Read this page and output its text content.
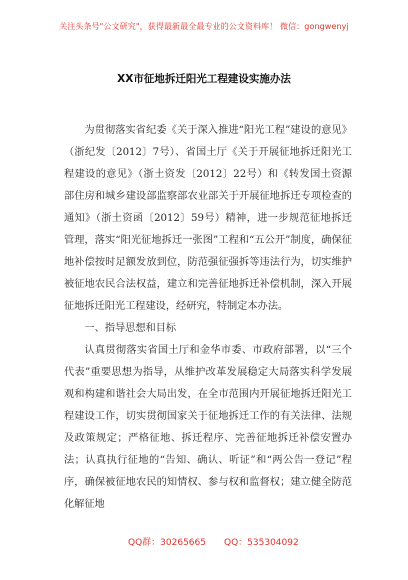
关注头条号"公文研究"，获得最新最全最专业的公文资料库！ 微信：gongwenyj
XX市征地拆迁阳光工程建设实施办法

为贯彻落实省纪委《关于深入推进“阳光工程”建设的意见》（浙纪发〔2012〕7号）、省国土厅《关于开展征地拆迁阳光工程建设的意见》（浙土资发〔2012〕22号）和《转发国土资源部住房和城乡建设部监察部农业部关于开展征地拆迁专项检查的通知》（浙土资函〔2012〕59号）精神，进一步规范征地拆迁管理，落实“阳光征地拆迁一张图”工程和“五公开”制度，确保征地补偿按时足额发放到位，防范强征强拆等违法行为，切实维护被征地农民合法权益，建立和完善征地拆迁补偿机制，深入开展征地拆迁阳光工程建设，经研究，特制定本办法。

一、指导思想和目标

认真贯彻落实省国土厅和金华市委、市政府部署，以“三个代表”重要思想为指导，从维护改革发展稳定大局落实科学发展观和构建和谐社会大局出发，在全市范围内开展征地拆迁阳光工程建设工作，切实贯彻国家关于征地拆迁工作的有关法律、法规及政策规定；严格征地、拆迁程序、完善征地拆迁补偿安置办法；认真执行征地的“告知、确认、听证”和“两公告一登记”程序，确保被征地农民的知情权、参与权和监督权；建立健全防范化解征地

QQ群：30265665 QQ：535304092
